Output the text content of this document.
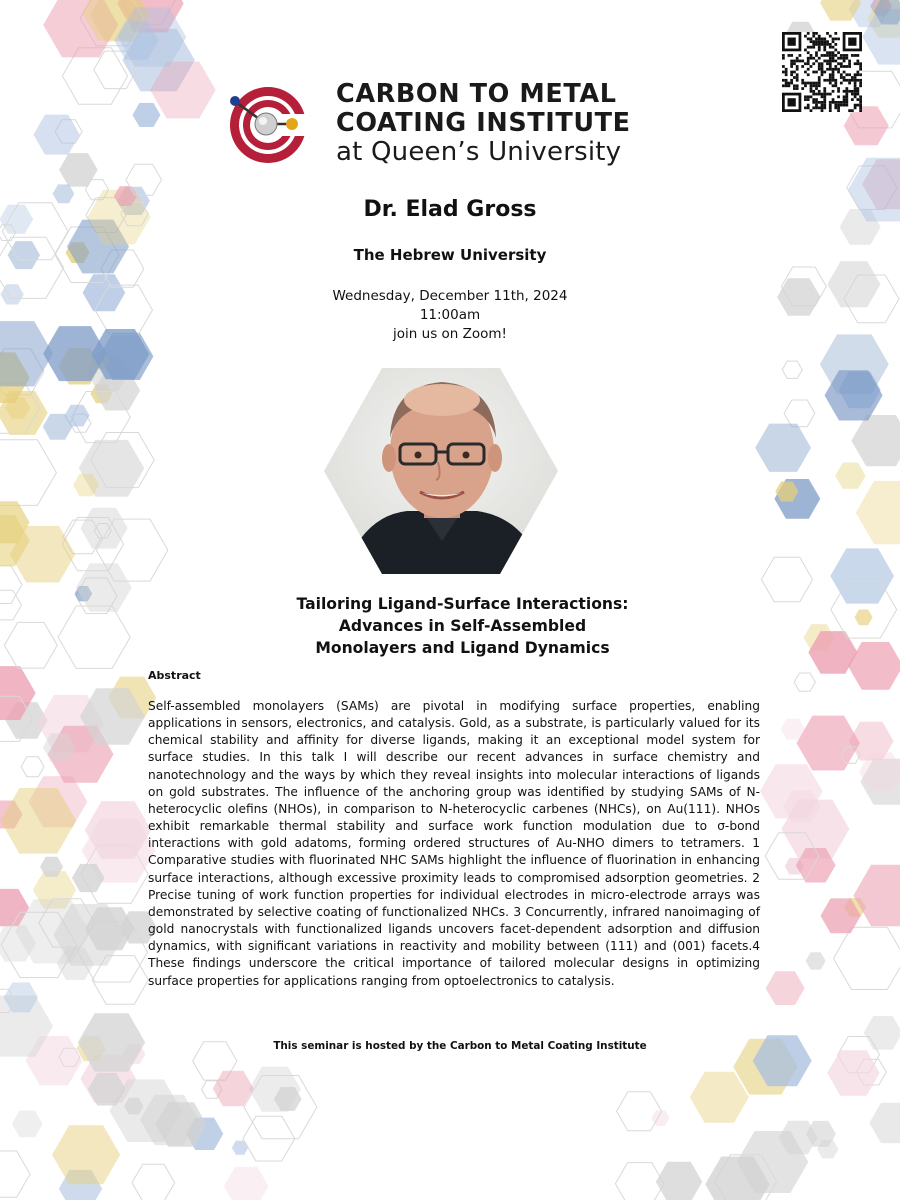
CARBON TO METAL
COATING INSTITUTE
at Queen’s University
Dr. Elad Gross
The Hebrew University
Wednesday, December 11th, 2024
11:00am
join us on Zoom!
Tailoring Ligand-Surface Interactions:
Advances in Self-Assembled
Monolayers and Ligand Dynamics
Abstract

Self-assembled monolayers (SAMs) are pivotal in modifying surface properties, enabling applications in sensors, electronics, and catalysis. Gold, as a substrate, is particularly valued for its chemical stability and affinity for diverse ligands, making it an exceptional model system for surface studies. In this talk I will describe our recent advances in surface chemistry and nanotechnology and the ways by which they reveal insights into molecular interactions of ligands on gold substrates. The influence of the anchoring group was identified by studying SAMs of N-heterocyclic olefins (NHOs), in comparison to N-heterocyclic carbenes (NHCs), on Au(111). NHOs exhibit remarkable thermal stability and surface work function modulation due to σ-bond interactions with gold adatoms, forming ordered structures of Au-NHO dimers to tetramers. 1 Comparative studies with fluorinated NHC SAMs highlight the influence of fluorination in enhancing surface interactions, although excessive proximity leads to compromised adsorption geometries. 2 Precise tuning of work function properties for individual electrodes in micro-electrode arrays was demonstrated by selective coating of functionalized NHCs. 3 Concurrently, infrared nanoimaging of gold nanocrystals with functionalized ligands uncovers facet-dependent adsorption and diffusion dynamics, with significant variations in reactivity and mobility between (111) and (001) facets.4 These findings underscore the critical importance of tailored molecular designs in optimizing surface properties for applications ranging from optoelectronics to catalysis.

This seminar is hosted by the Carbon to Metal Coating Institute
